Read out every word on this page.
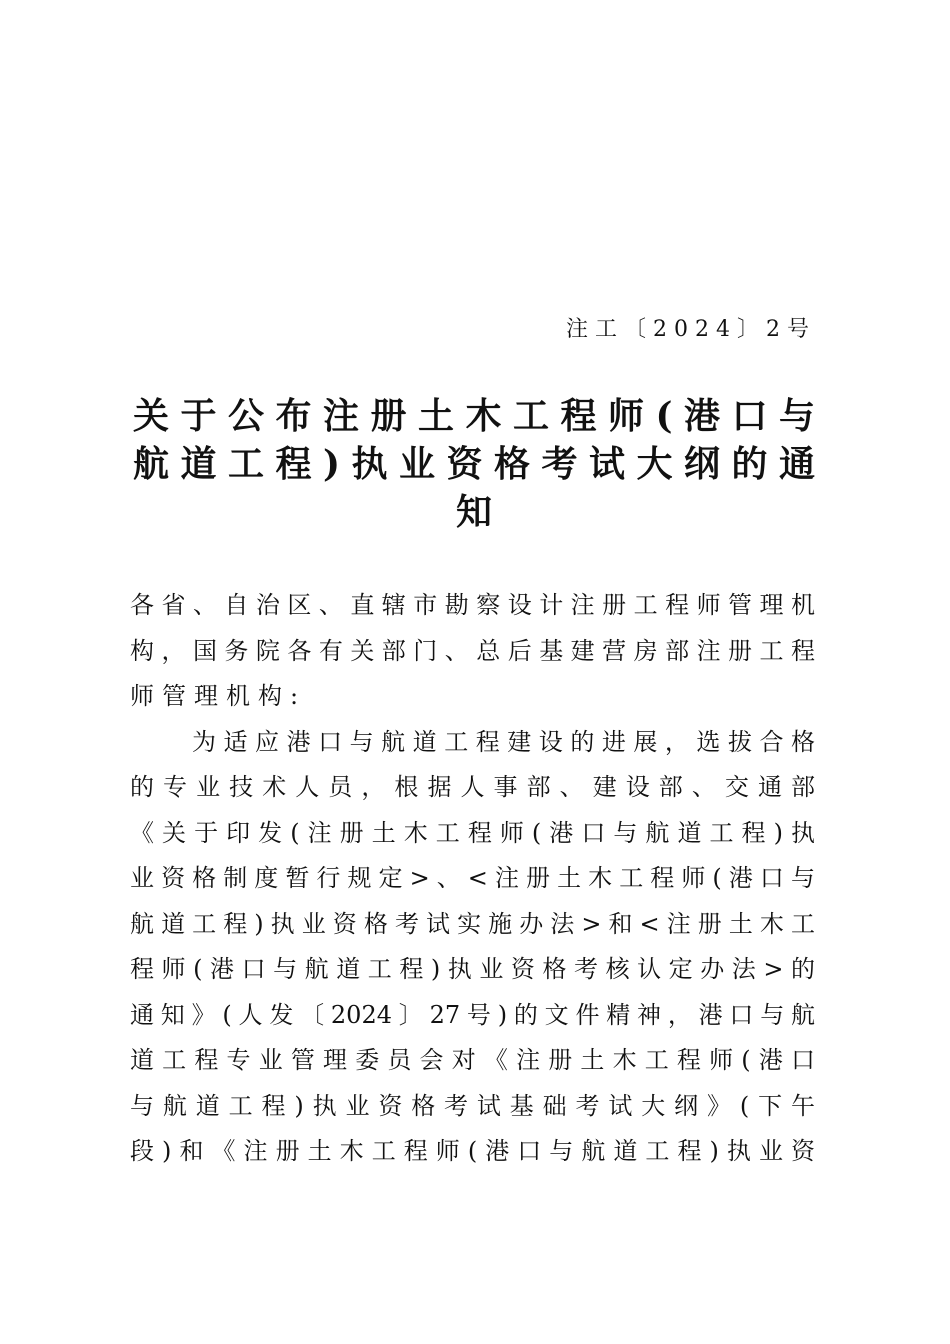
注工〔2024〕2号
关于公布注册土木工程师(港口与
航道工程)执业资格考试大纲的通
知
各省、自治区、直辖市勘察设计注册工程师管理机
构，国务院各有关部门、总后基建营房部注册工程
师管理机构:
为适应港口与航道工程建设的进展，选拔合格
的专业技术人员，根据人事部、建设部、交通部
《关于印发(注册土木工程师(港口与航道工程)执
业资格制度暂行规定>、<注册土木工程师(港口与
航道工程)执业资格考试实施办法>和<注册土木工
程师(港口与航道工程)执业资格考核认定办法>的
通知》(人发〔2024〕27号)的文件精神，港口与航
道工程专业管理委员会对《注册土木工程师(港口
与航道工程)执业资格考试基础考试大纲》(下午
段)和《注册土木工程师(港口与航道工程)执业资
